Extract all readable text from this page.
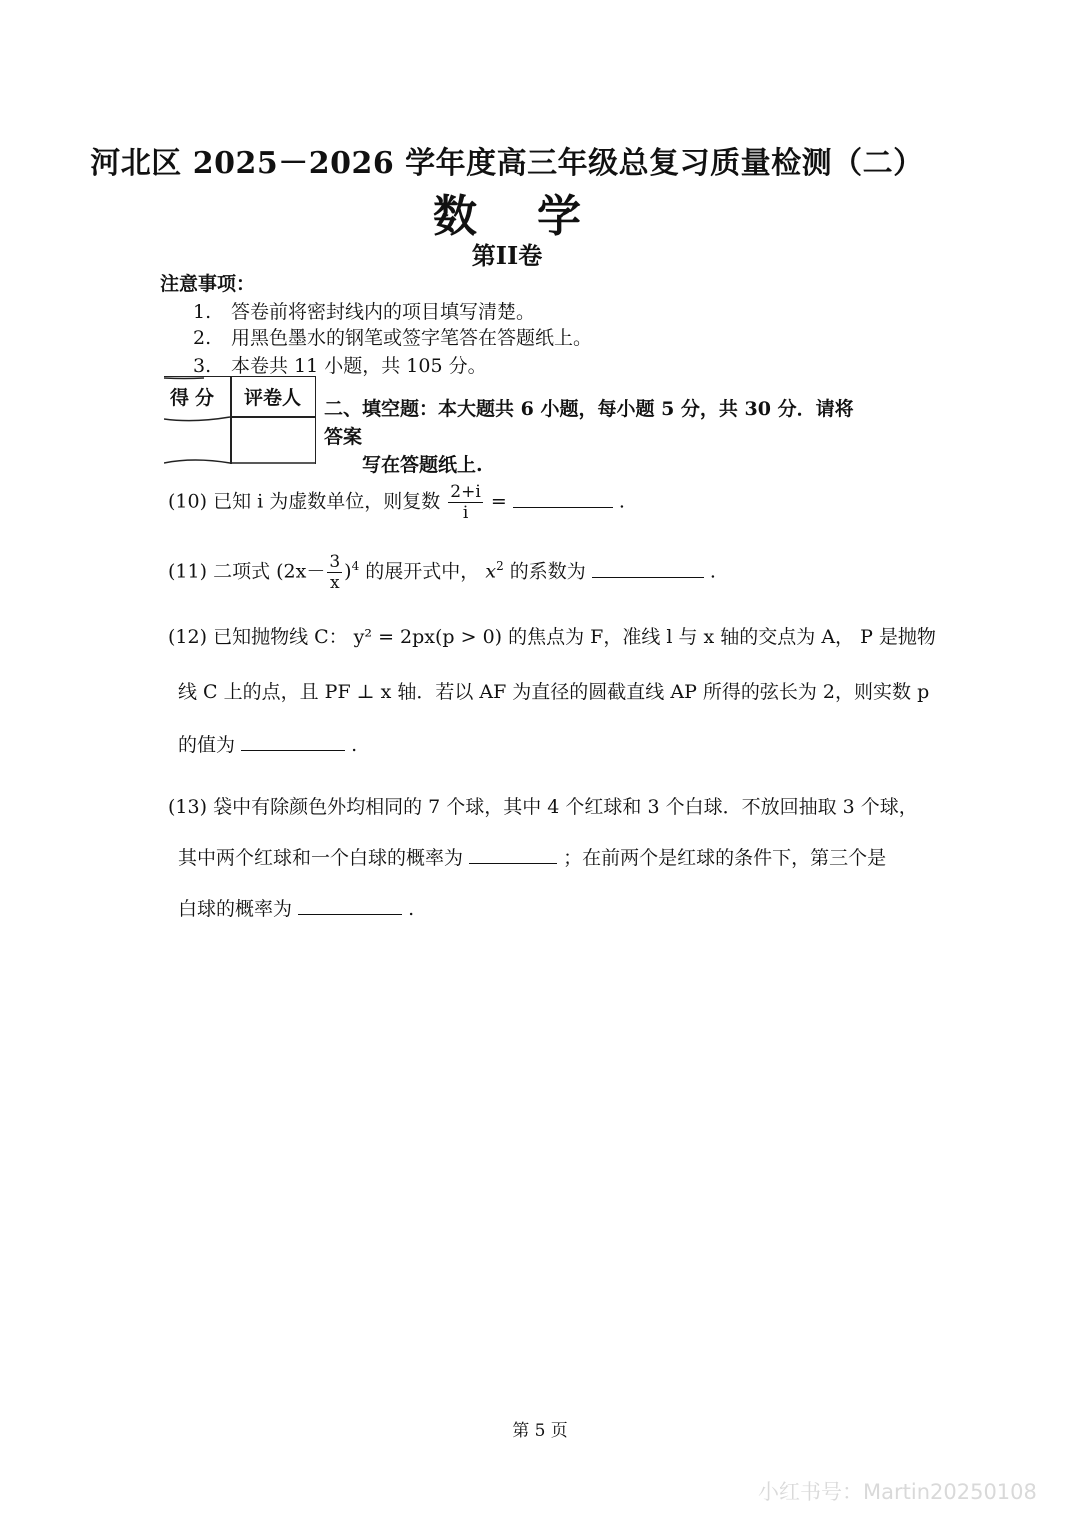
河北区 2025－2026 学年度高三年级总复习质量检测（二）
数学
第II卷
注意事项：
1. 答卷前将密封线内的项目填写清楚。
2. 用黑色墨水的钢笔或签字笔答在答题纸上。
3. 本卷共 11 小题，共 105 分。
得分 评卷人 二、填空题：本大题共 6 小题，每小题 5 分，共 30 分．请将答案
写在答题纸上.
(10) 已知 i 为虚数单位，则复数 $\frac{2+i}{i}$ =	.
(11) 二项式 $(2x- \frac{3}{x} )^4$ 的展开式中， $x^2$ 的系数为	.
(12) 已知抛物线 C： y² = 2px(p > 0) 的焦点为 F，准线 l 与 x 轴的交点为 A， P 是抛物
线 C 上的点，且 PF ⊥ x 轴．若以 AF 为直径的圆截直线 AP 所得的弦长为 2，则实数 p
的值为	.
(13) 袋中有除颜色外均相同的 7 个球，其中 4 个红球和 3 个白球．不放回抽取 3 个球，
其中两个红球和一个白球的概率为	；在前两个是红球的条件下，第三个是
白球的概率为	.
第 5 页
小红书号：Martin20250108
